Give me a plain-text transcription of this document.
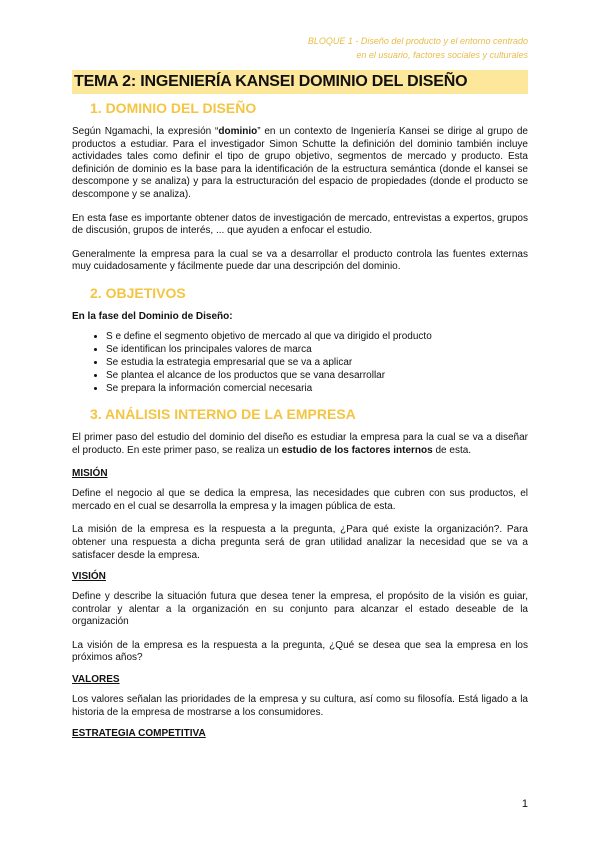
BLOQUE 1 - Diseño del producto y el entorno centrado
en el usuario, factores sociales y culturales
TEMA 2: INGENIERÍA KANSEI DOMINIO DEL DISEÑO
1. DOMINIO DEL DISEÑO

Según Ngamachi, la expresión “dominio” en un contexto de Ingeniería Kansei se dirige al grupo de productos a estudiar. Para el investigador Simon Schutte la definición del dominio también incluye actividades tales como definir el tipo de grupo objetivo, segmentos de mercado y producto. Esta definición de dominio es la base para la identificación de la estructura semántica (donde el kansei se descompone y se analiza) y para la estructuración del espacio de propiedades (donde el producto se descompone y se analiza).

En esta fase es importante obtener datos de investigación de mercado, entrevistas a expertos, grupos de discusión, grupos de interés, ... que ayuden a enfocar el estudio.

Generalmente la empresa para la cual se va a desarrollar el producto controla las fuentes externas muy cuidadosamente y fácilmente puede dar una descripción del dominio.

2. OBJETIVOS
En la fase del Dominio de Diseño:
• S e define el segmento objetivo de mercado al que va dirigido el producto
• Se identifican los principales valores de marca
• Se estudia la estrategia empresarial que se va a aplicar
• Se plantea el alcance de los productos que se vana desarrollar
• Se prepara la información comercial necesaria
3. ANÁLISIS INTERNO DE LA EMPRESA

El primer paso del estudio del dominio del diseño es estudiar la empresa para la cual se va a diseñar el producto. En este primer paso, se realiza un estudio de los factores internos de esta.

MISIÓN

Define el negocio al que se dedica la empresa, las necesidades que cubren con sus productos, el mercado en el cual se desarrolla la empresa y la imagen pública de esta.

La misión de la empresa es la respuesta a la pregunta, ¿Para qué existe la organización?. Para obtener una respuesta a dicha pregunta será de gran utilidad analizar la necesidad que se va a satisfacer desde la empresa.

VISIÓN

Define y describe la situación futura que desea tener la empresa, el propósito de la visión es guiar, controlar y alentar a la organización en su conjunto para alcanzar el estado deseable de la organización

La visión de la empresa es la respuesta a la pregunta, ¿Qué se desea que sea la empresa en los próximos años?

VALORES

Los valores señalan las prioridades de la empresa y su cultura, así como su filosofía. Está ligado a la historia de la empresa de mostrarse a los consumidores.

ESTRATEGIA COMPETITIVA
1
